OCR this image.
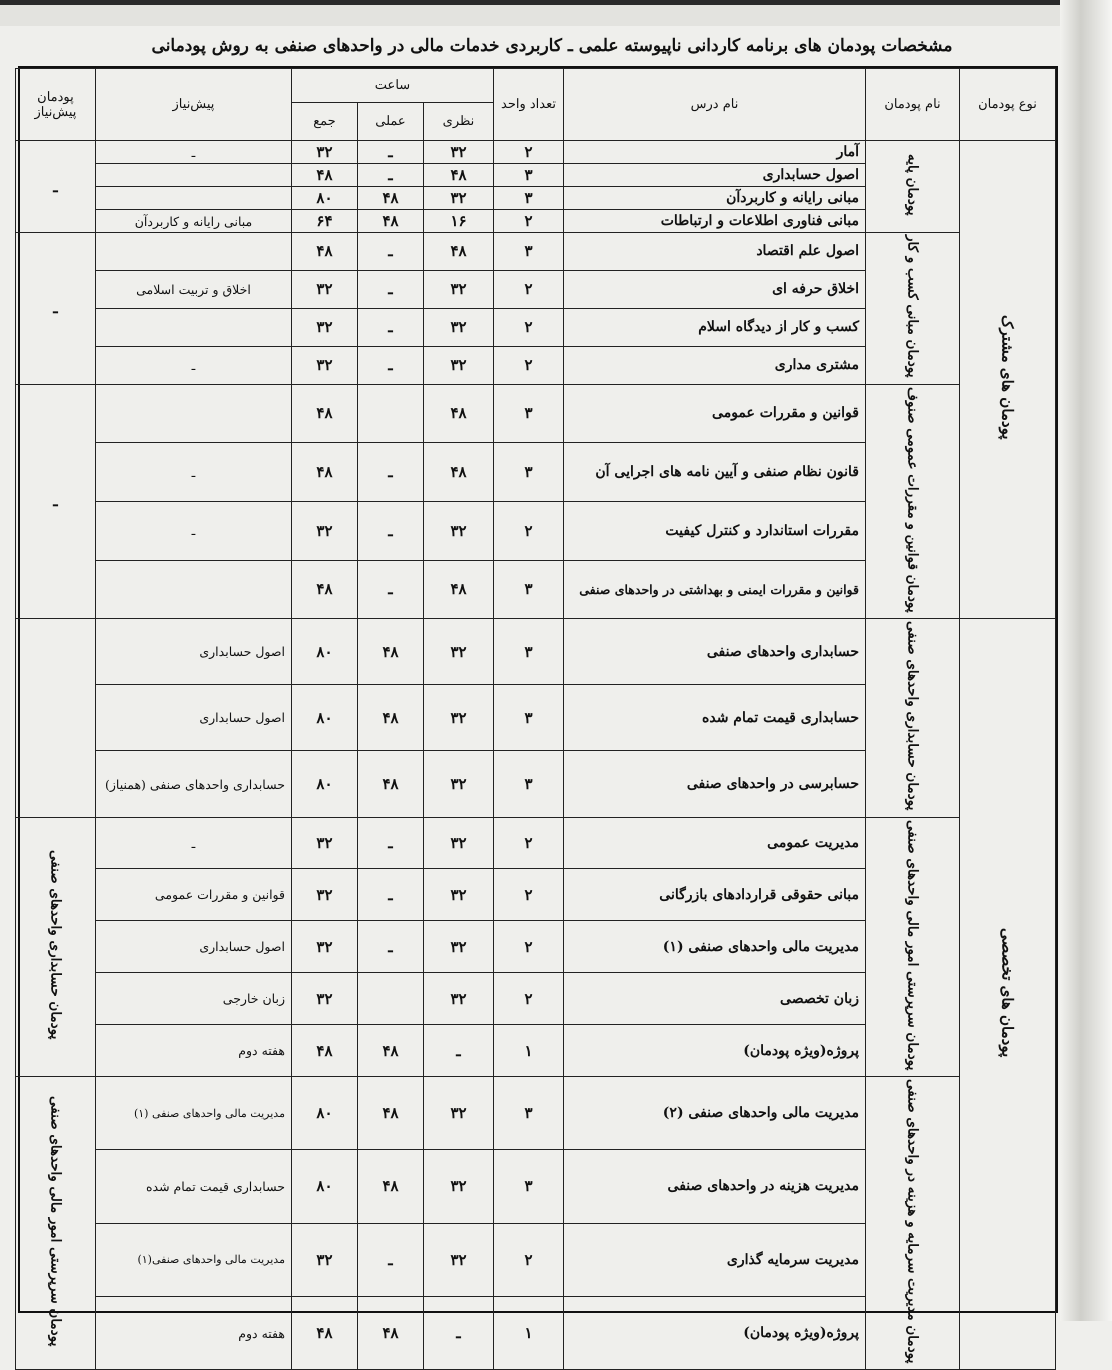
مشخصات پودمان های برنامه کاردانی ناپیوسته علمی ـ کاربردی خدمات مالی در واحدهای صنفی به روش پودمانی
نوع پودمان	نام پودمان	نام درس	تعداد واحد	ساعت			پیش‌نیاز	پودمان پیش‌نیاز
				نظری	عملی	جمع		
پودمان های مشترک	پودمان پایه	آمار	۲	۳۲	ـ	۳۲	ـ	ـ
		اصول حسابداری	۳	۴۸	ـ	۴۸		
		مبانی رایانه و کاربردآن	۳	۳۲	۴۸	۸۰		
		مبانی فناوری اطلاعات و ارتباطات	۲	۱۶	۴۸	۶۴	مبانی رایانه و کاربردآن	
	پودمان مبانی کسب و کار	اصول علم اقتصاد	۳	۴۸	ـ	۴۸		ـ
		اخلاق حرفه ای	۲	۳۲	ـ	۳۲	اخلاق و تربیت اسلامی	
		کسب و کار از دیدگاه اسلام	۲	۳۲	ـ	۳۲		
		مشتری مداری	۲	۳۲	ـ	۳۲	ـ	
	پودمان قوانین و مقررات عمومی صنوف	قوانین و مقررات عمومی	۳	۴۸		۴۸		ـ
		قانون نظام صنفی و آیین نامه های اجرایی آن	۳	۴۸	ـ	۴۸	ـ	
		مقررات استاندارد و کنترل کیفیت	۲	۳۲	ـ	۳۲	ـ	
		قوانین و مقررات ایمنی و بهداشتی در واحدهای صنفی	۳	۴۸	ـ	۴۸		
پودمان های تخصصی	پودمان حسابداری واحدهای صنفی	حسابداری واحدهای صنفی	۳	۳۲	۴۸	۸۰	اصول حسابداری	
		حسابداری قیمت تمام شده	۳	۳۲	۴۸	۸۰	اصول حسابداری	
		حسابرسی در واحدهای صنفی	۳	۳۲	۴۸	۸۰	حسابداری واحدهای صنفی (همنیاز)	
	پودمان سرپرستی امور مالی واحدهای صنفی	مدیریت عمومی	۲	۳۲	ـ	۳۲	ـ	پودمان حسابداری واحدهای صنفی
		مبانی حقوقی قراردادهای بازرگانی	۲	۳۲	ـ	۳۲	قوانین و مقررات عمومی	
		مدیریت مالی واحدهای صنفی (۱)	۲	۳۲	ـ	۳۲	اصول حسابداری	
		زبان تخصصی	۲	۳۲		۳۲	زبان خارجی	
		پروژه(ویژه پودمان)	۱	ـ	۴۸	۴۸	هفته دوم	
	پودمان مدیریت سرمایه و هزینه در واحدهای صنفی	مدیریت مالی واحدهای صنفی (۲)	۳	۳۲	۴۸	۸۰	مدیریت مالی واحدهای صنفی (۱)	پودمان سرپرستی امور مالی واحدهای صنفی
		مدیریت هزینه در واحدهای صنفی	۳	۳۲	۴۸	۸۰	حسابداری قیمت تمام شده	
		مدیریت سرمایه گذاری	۲	۳۲	ـ	۳۲	مدیریت مالی واحدهای صنفی(۱)	
		پروژه(ویژه پودمان)	۱	ـ	۴۸	۴۸	هفته دوم	
